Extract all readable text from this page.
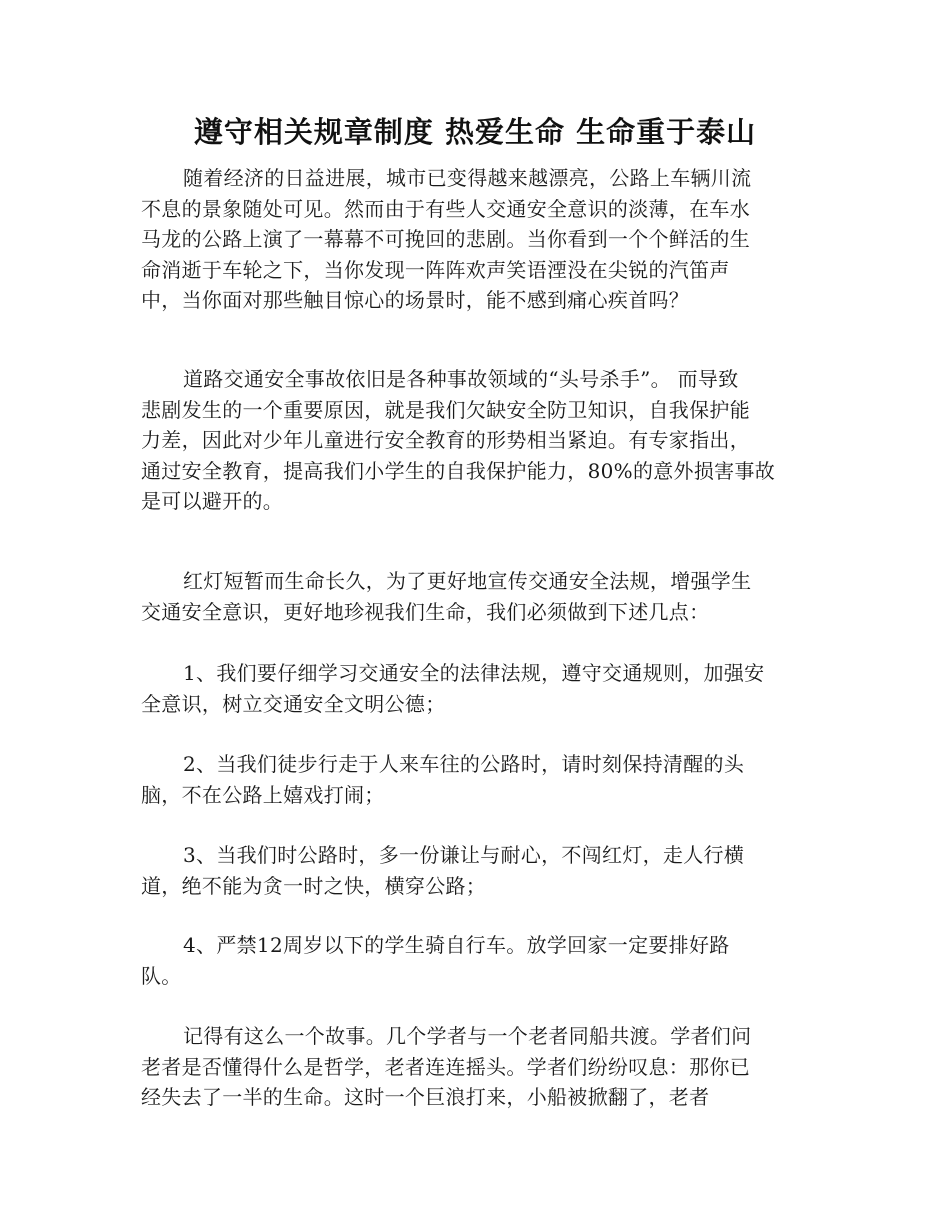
遵守相关规章制度 热爱生命 生命重于泰山
随着经济的日益进展，城市已变得越来越漂亮，公路上车辆川流
不息的景象随处可见。然而由于有些人交通安全意识的淡薄，在车水
马龙的公路上演了一幕幕不可挽回的悲剧。当你看到一个个鲜活的生
命消逝于车轮之下，当你发现一阵阵欢声笑语湮没在尖锐的汽笛声
中，当你面对那些触目惊心的场景时，能不感到痛心疾首吗？
道路交通安全事故依旧是各种事故领域的“头号杀手”。 而导致
悲剧发生的一个重要原因，就是我们欠缺安全防卫知识，自我保护能
力差，因此对少年儿童进行安全教育的形势相当紧迫。有专家指出，
通过安全教育，提高我们小学生的自我保护能力，80%的意外损害事故
是可以避开的。
红灯短暂而生命长久，为了更好地宣传交通安全法规，增强学生
交通安全意识，更好地珍视我们生命，我们必须做到下述几点：
1、我们要仔细学习交通安全的法律法规，遵守交通规则，加强安
全意识，树立交通安全文明公德；
2、当我们徒步行走于人来车往的公路时，请时刻保持清醒的头
脑，不在公路上嬉戏打闹；
3、当我们时公路时，多一份谦让与耐心，不闯红灯，走人行横
道，绝不能为贪一时之快，横穿公路；
4、严禁12周岁以下的学生骑自行车。放学回家一定要排好路
队。
记得有这么一个故事。几个学者与一个老者同船共渡。学者们问
老者是否懂得什么是哲学，老者连连摇头。学者们纷纷叹息：那你已
经失去了一半的生命。这时一个巨浪打来，小船被掀翻了，老者
